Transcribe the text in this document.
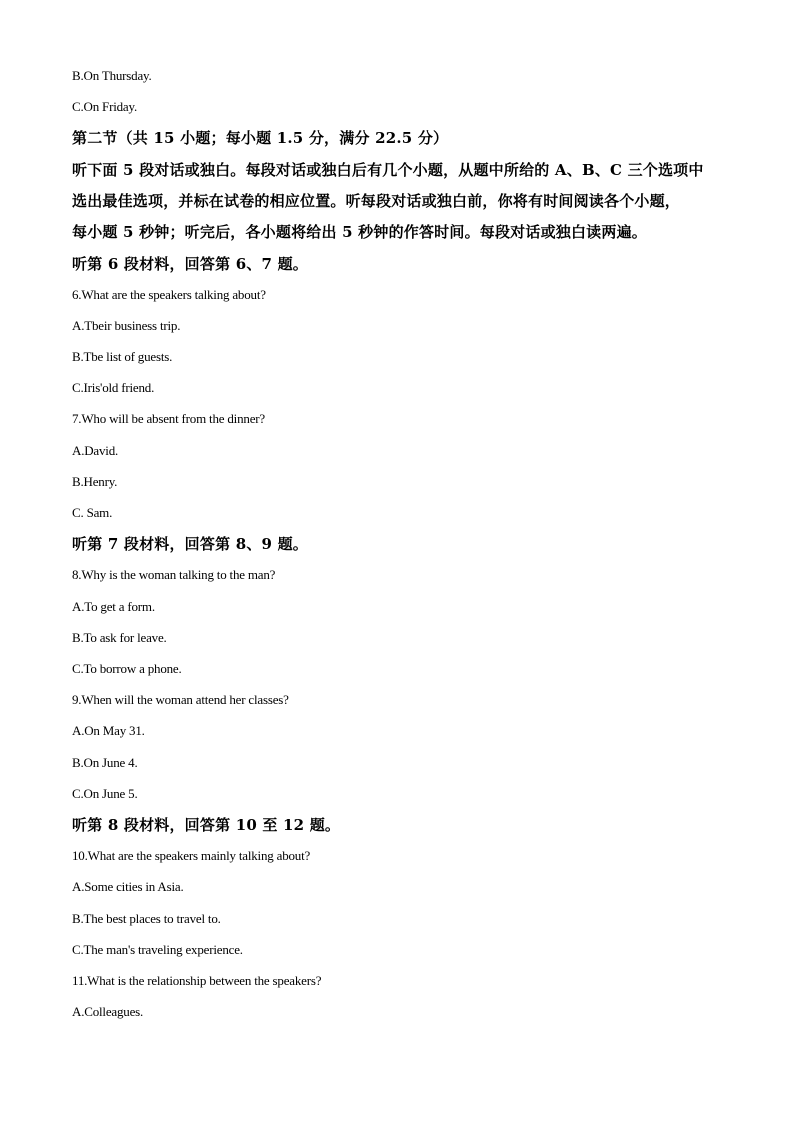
B.On Thursday.
C.On Friday.
第二节（共 15 小题；每小题 1.5 分，满分 22.5 分）
听下面 5 段对话或独白。每段对话或独白后有几个小题，从题中所给的 A、B、C 三个选项中
选出最佳选项，并标在试卷的相应位置。听每段对话或独白前，你将有时间阅读各个小题，
每小题 5 秒钟；听完后，各小题将给出 5 秒钟的作答时间。每段对话或独白读两遍。
听第 6 段材料，回答第 6、7 题。
6.What are the speakers talking about?
A.Tbeir business trip.
B.Tbe list of guests.
C.Iris'old friend.
7.Who will be absent from the dinner?
A.David.
B.Henry.
C. Sam.
听第 7 段材料，回答第 8、9 题。
8.Why is the woman talking to the man?
A.To get a form.
B.To ask for leave.
C.To borrow a phone.
9.When will the woman attend her classes?
A.On May 31.
B.On June 4.
C.On June 5.
听第 8 段材料，回答第 10 至 12 题。
10.What are the speakers mainly talking about?
A.Some cities in Asia.
B.The best places to travel to.
C.The man's traveling experience.
11.What is the relationship between the speakers?
A.Colleagues.
